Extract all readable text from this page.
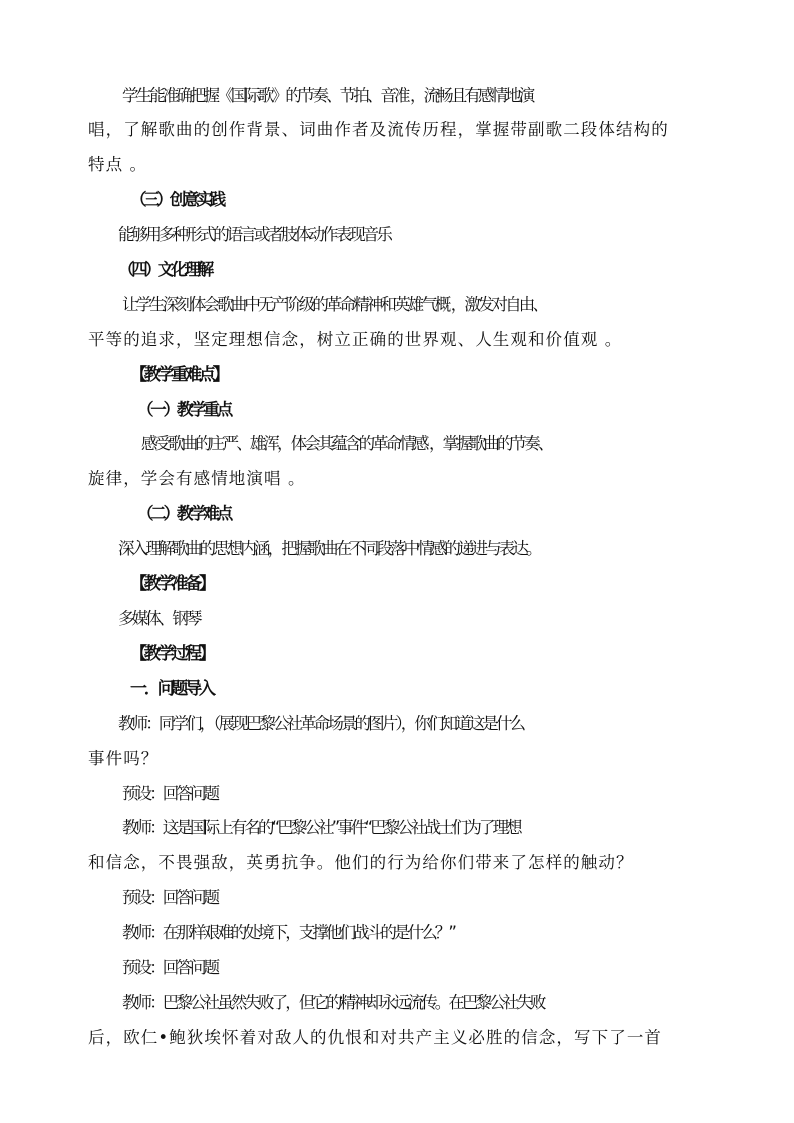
学生能准确把握《国际歌》的节奏、节拍、音准 ，流畅且有感情地演
唱，了解歌曲的创作背景、词曲作者及流传历程，掌握带副歌二段体结构的
特点 。
（三）创意实践
能够用多种形式的语言或者肢体动作表现音乐
（四）文化理解
让学生深刻体会歌曲中无产阶级的革命精神和英雄气概 ，激发对自由、
平等的追求，坚定理想信念，树立正确的世界观、人生观和价值观 。
【教学重难点】
（一）教学重点
感受歌曲的庄严、雄浑，体会其蕴含的革命情感 ，掌握歌曲的节奏、
旋律，学会有感情地演唱 。
（二）教学难点
深入理解歌曲的思想内涵，把握歌曲在不同段落中情感的递进与表达。
【教学准备】
多媒体、钢琴
【教学过程】
一．问题导入
教师：同学们，（展现巴黎公社革命场景的图片），你们知道这是什么
事件吗？
预设：回答问题
教师：这是国际上有名的“巴黎公社”事件“巴黎公社战士们为了理想
和信念，不畏强敌，英勇抗争。他们的行为给你们带来了怎样的触动？
预设：回答问题
教师：在那样艰难的处境下，支撑他们战斗的是什么？”
预设：回答问题
教师：巴黎公社虽然失败了，但它的精神却永远流传。在巴黎公社失败
后，欧仁•鲍狄埃怀着对敌人的仇恨和对共产主义必胜的信念，写下了一首
